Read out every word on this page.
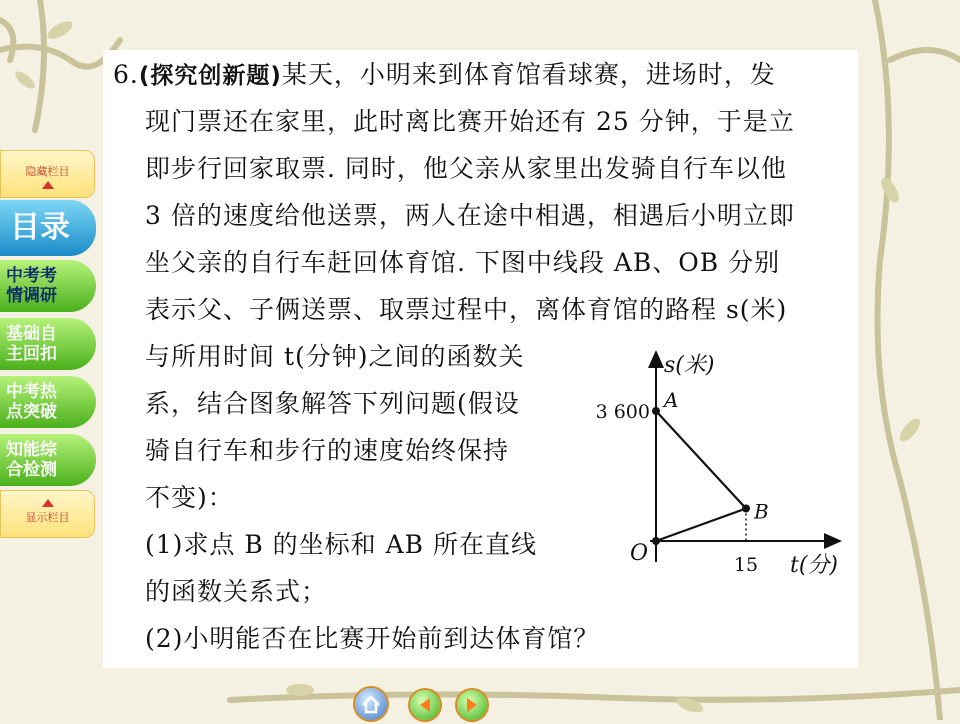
隐藏栏目
目录
中考考
情调研
基础自
主回扣
中考热
点突破
知能综
合检测
显示栏目
6.(探究创新题)某天，小明来到体育馆看球赛，进场时，发
现门票还在家里，此时离比赛开始还有 25 分钟，于是立
即步行回家取票. 同时，他父亲从家里出发骑自行车以他
3 倍的速度给他送票，两人在途中相遇，相遇后小明立即
坐父亲的自行车赶回体育馆. 下图中线段 AB、OB 分别
表示父、子俩送票、取票过程中，离体育馆的路程 s(米)
与所用时间 t(分钟)之间的函数关
系，结合图象解答下列问题(假设
骑自行车和步行的速度始终保持
不变)：
(1)求点 B 的坐标和 AB 所在直线
的函数关系式；
(2)小明能否在比赛开始前到达体育馆？
s(米)
t(分)
O
A
B
3 600
15
